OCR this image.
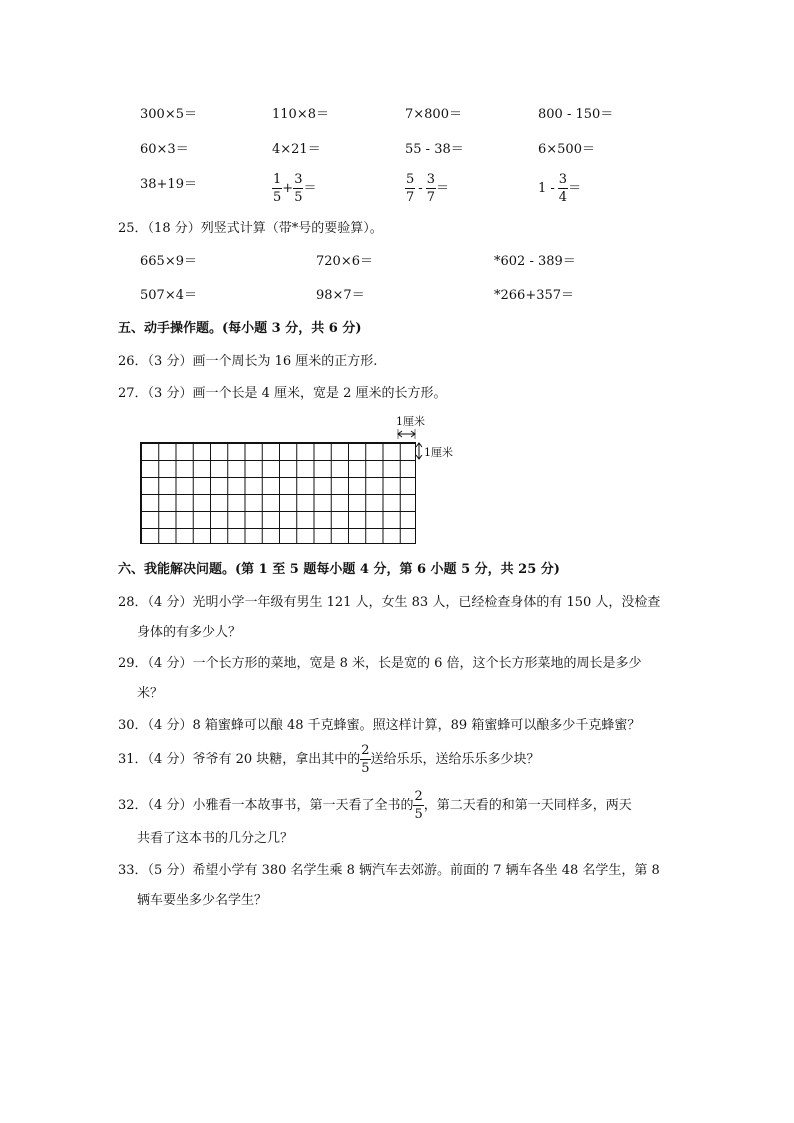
300×5＝	110×8＝	7×800＝	800 - 150＝
60×3＝	4×21＝	55 - 38＝	6×500＝
38+19＝	$\frac{1}{5} + \frac{3}{5}$ ＝	$\frac{5}{7} - \frac{3}{7}$ ＝	$1 - \frac{3}{4}$ ＝
25．（18 分）列竖式计算（带*号的要验算）。
665×9＝	720×6＝	*602 - 389＝
507×4＝	98×7＝	*266+357＝
五、动手操作题。(每小题 3 分，共 6 分)
26．（3 分）画一个周长为 16 厘米的正方形.
27．（3 分）画一个长是 4 厘米，宽是 2 厘米的长方形。
1厘米
1厘米
六、我能解决问题。(第 1 至 5 题每小题 4 分，第 6 小题 5 分，共 25 分)
28．（4 分）光明小学一年级有男生 121 人，女生 83 人，已经检查身体的有 150 人，没检查
身体的有多少人？
29．（4 分）一个长方形的菜地，宽是 8 米，长是宽的 6 倍，这个长方形菜地的周长是多少
米？
30．（4 分）8 箱蜜蜂可以酿 48 千克蜂蜜。照这样计算，89 箱蜜蜂可以酿多少千克蜂蜜？
31．（4 分）爷爷有 20 块糖，拿出其中的 $\frac{2}{5}$ 送给乐乐，送给乐乐多少块？
32．（4 分）小雅看一本故事书，第一天看了全书的 $\frac{2}{5}$ ，第二天看的和第一天同样多，两天
共看了这本书的几分之几？
33．（5 分）希望小学有 380 名学生乘 8 辆汽车去郊游。前面的 7 辆车各坐 48 名学生，第 8
辆车要坐多少名学生？
